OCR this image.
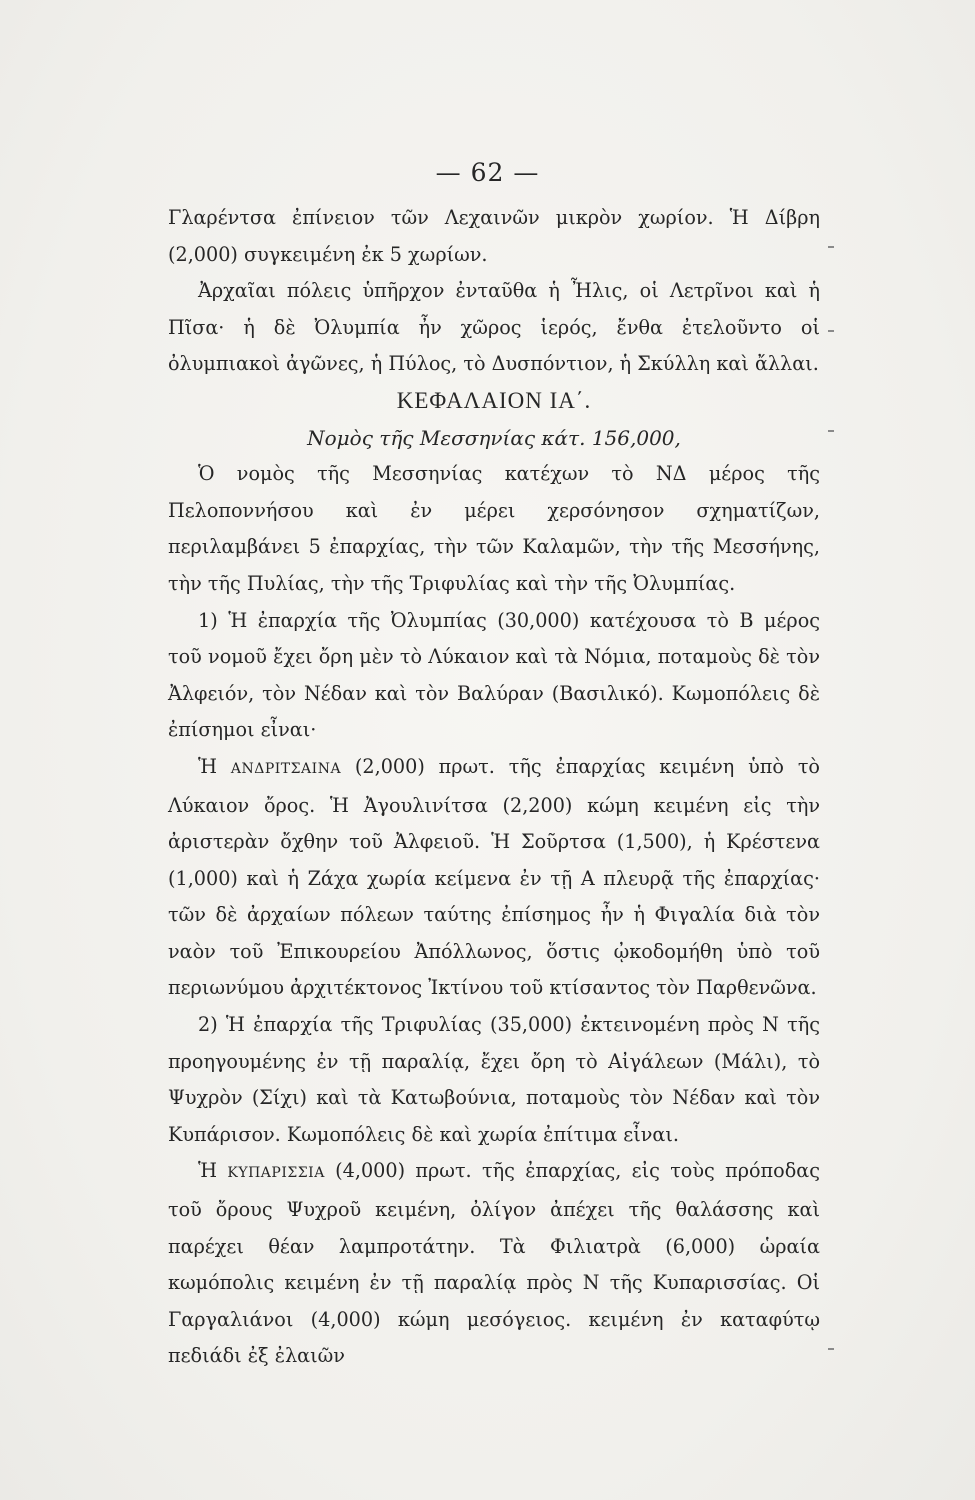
— 62 —

Γλαρέντσα ἐπίνειον τῶν Λεχαινῶν μικρὸν χωρίον. Ἡ Δίβρη (2,000) συγκειμένη ἐκ 5 χωρίων.

Ἀρχαῖαι πόλεις ὑπῆρχον ἐνταῦθα ἡ Ἦλις, οἱ Λετρῖνοι καὶ ἡ Πῖσα· ἡ δὲ Ὀλυμπία ἦν χῶρος ἱερός, ἔνθα ἐτελοῦντο οἱ ὀλυμπιακοὶ ἀγῶνες, ἡ Πύλος, τὸ Δυσπόντιον, ἡ Σκύλλη καὶ ἄλλαι.

ΚΕΦΑΛΑΙΟΝ ΙΑ΄.

Νομὸς τῆς Μεσσηνίας κάτ. 156,000,

Ὁ νομὸς τῆς Μεσσηνίας κατέχων τὸ ΝΔ μέρος τῆς Πελοποννήσου καὶ ἐν μέρει χερσόνησον σχηματίζων, περιλαμβάνει 5 ἐπαρχίας, τὴν τῶν Καλαμῶν, τὴν τῆς Μεσσήνης, τὴν τῆς Πυλίας, τὴν τῆς Τριφυλίας καὶ τὴν τῆς Ὀλυμπίας.

1) Ἡ ἐπαρχία τῆς Ὀλυμπίας (30,000) κατέχουσα τὸ Β μέρος τοῦ νομοῦ ἔχει ὄρη μὲν τὸ Λύκαιον καὶ τὰ Νόμια, ποταμοὺς δὲ τὸν Ἀλφειόν, τὸν Νέδαν καὶ τὸν Βαλύραν (Βασιλικό). Κωμοπόλεις δὲ ἐπίσημοι εἶναι·

Ἡ ΑΝΔΡΙΤΣΑΙΝΑ (2,000) πρωτ. τῆς ἐπαρχίας κειμένη ὑπὸ τὸ Λύκαιον ὄρος. Ἡ Ἀγουλινίτσα (2,200) κώμη κειμένη εἰς τὴν ἀριστερὰν ὄχθην τοῦ Ἀλφειοῦ. Ἡ Σοῦρτσα (1,500), ἡ Κρέστενα (1,000) καὶ ἡ Ζάχα χωρία κείμενα ἐν τῇ Α πλευρᾷ τῆς ἐπαρχίας· τῶν δὲ ἀρχαίων πόλεων ταύτης ἐπίσημος ἦν ἡ Φιγαλία διὰ τὸν ναὸν τοῦ Ἐπικουρείου Ἀπόλλωνος, ὅστις ᾠκοδομήθη ὑπὸ τοῦ περιωνύμου ἀρχιτέκτονος Ἰκτίνου τοῦ κτίσαντος τὸν Παρθενῶνα.

2) Ἡ ἐπαρχία τῆς Τριφυλίας (35,000) ἐκτεινομένη πρὸς Ν τῆς προηγουμένης ἐν τῇ παραλίᾳ, ἔχει ὄρη τὸ Αἰγάλεων (Μάλι), τὸ Ψυχρὸν (Σίχι) καὶ τὰ Κατωβούνια, ποταμοὺς τὸν Νέδαν καὶ τὸν Κυπάρισον. Κωμοπόλεις δὲ καὶ χωρία ἐπίτιμα εἶναι.

Ἡ ΚΥΠΑΡΙΣΣΙΑ (4,000) πρωτ. τῆς ἐπαρχίας, εἰς τοὺς πρόποδας τοῦ ὄρους Ψυχροῦ κειμένη, ὀλίγον ἀπέχει τῆς θαλάσσης καὶ παρέχει θέαν λαμπροτάτην. Τὰ Φιλιατρὰ (6,000) ὡραία κωμόπολις κειμένη ἐν τῇ παραλίᾳ πρὸς Ν τῆς Κυπαρισσίας. Οἱ Γαργαλιάνοι (4,000) κώμη μεσόγειος. κειμένη ἐν καταφύτῳ πεδιάδι ἐξ ἐλαιῶν
